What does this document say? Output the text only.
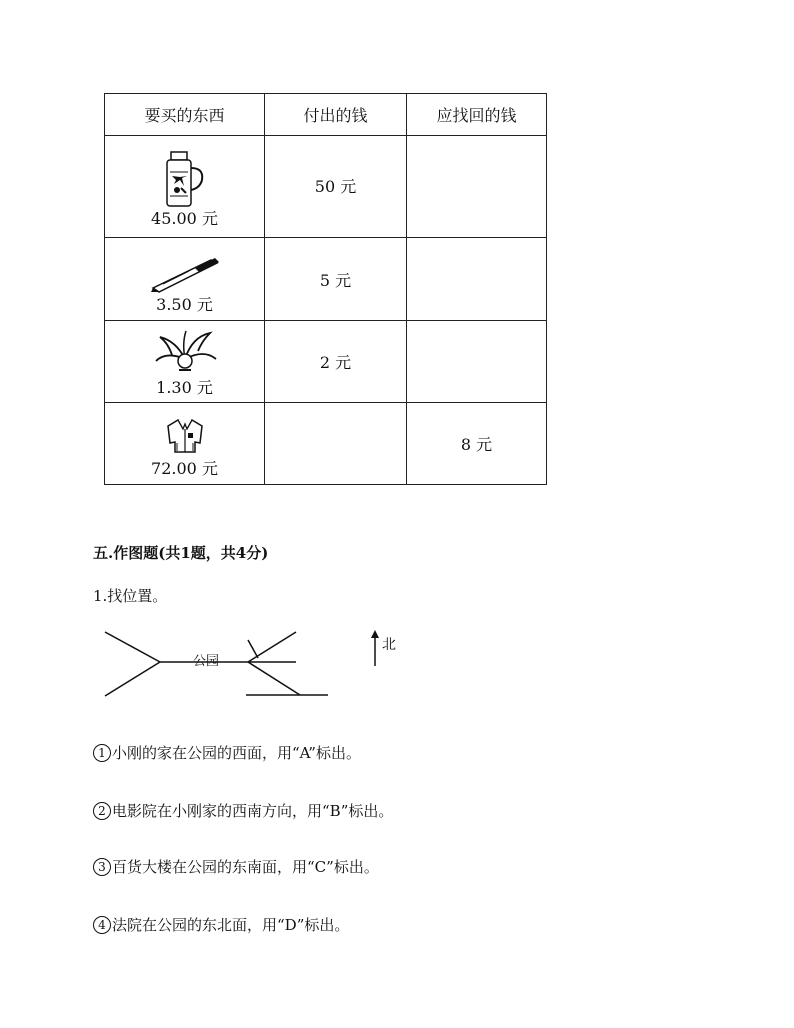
要买的东西	付出的钱	应找回的钱

45.00 元	50 元	

3.50 元	5 元	

1.30 元	2 元	

72.00 元		8 元
五.作图题(共1题，共4分)
1.找位置。
公园
北
1 小刚的家在公园的西面，用“A”标出。
2 电影院在小刚家的西南方向，用“B”标出。
3 百货大楼在公园的东南面，用“C”标出。
4 法院在公园的东北面，用“D”标出。
